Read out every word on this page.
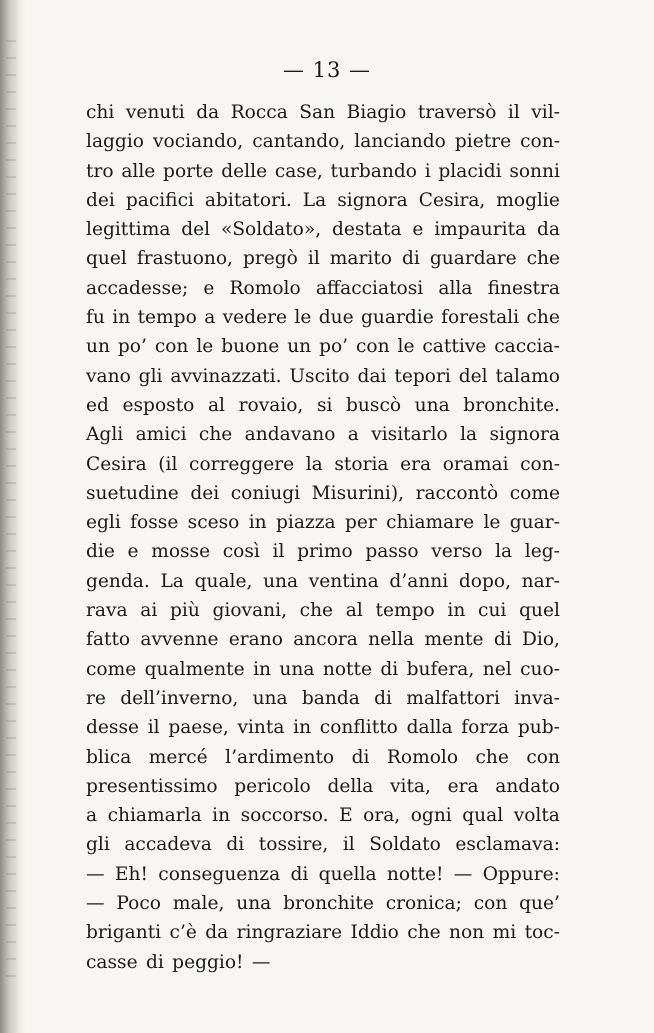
— 13 —
chi venuti da Rocca San Biagio traversò il vil-
laggio vociando, cantando, lanciando pietre con-
tro alle porte delle case, turbando i placidi sonni
dei pacifici abitatori. La signora Cesira, moglie
legittima del «Soldato», destata e impaurita da
quel frastuono, pregò il marito di guardare che
accadesse; e Romolo affacciatosi alla finestra
fu in tempo a vedere le due guardie forestali che
un po’ con le buone un po’ con le cattive caccia-
vano gli avvinazzati. Uscito dai tepori del talamo
ed esposto al rovaio, si buscò una bronchite.
Agli amici che andavano a visitarlo la signora
Cesira (il correggere la storia era oramai con-
suetudine dei coniugi Misurini), raccontò come
egli fosse sceso in piazza per chiamare le guar-
die e mosse così il primo passo verso la leg-
genda. La quale, una ventina d’anni dopo, nar-
rava ai più giovani, che al tempo in cui quel
fatto avvenne erano ancora nella mente di Dio,
come qualmente in una notte di bufera, nel cuo-
re dell’inverno, una banda di malfattori inva-
desse il paese, vinta in conflitto dalla forza pub-
blica mercé l’ardimento di Romolo che con
presentissimo pericolo della vita, era andato
a chiamarla in soccorso. E ora, ogni qual volta
gli accadeva di tossire, il Soldato esclamava:
— Eh! conseguenza di quella notte! — Oppure:
— Poco male, una bronchite cronica; con que’
briganti c’è da ringraziare Iddio che non mi toc-
casse di peggio! —
